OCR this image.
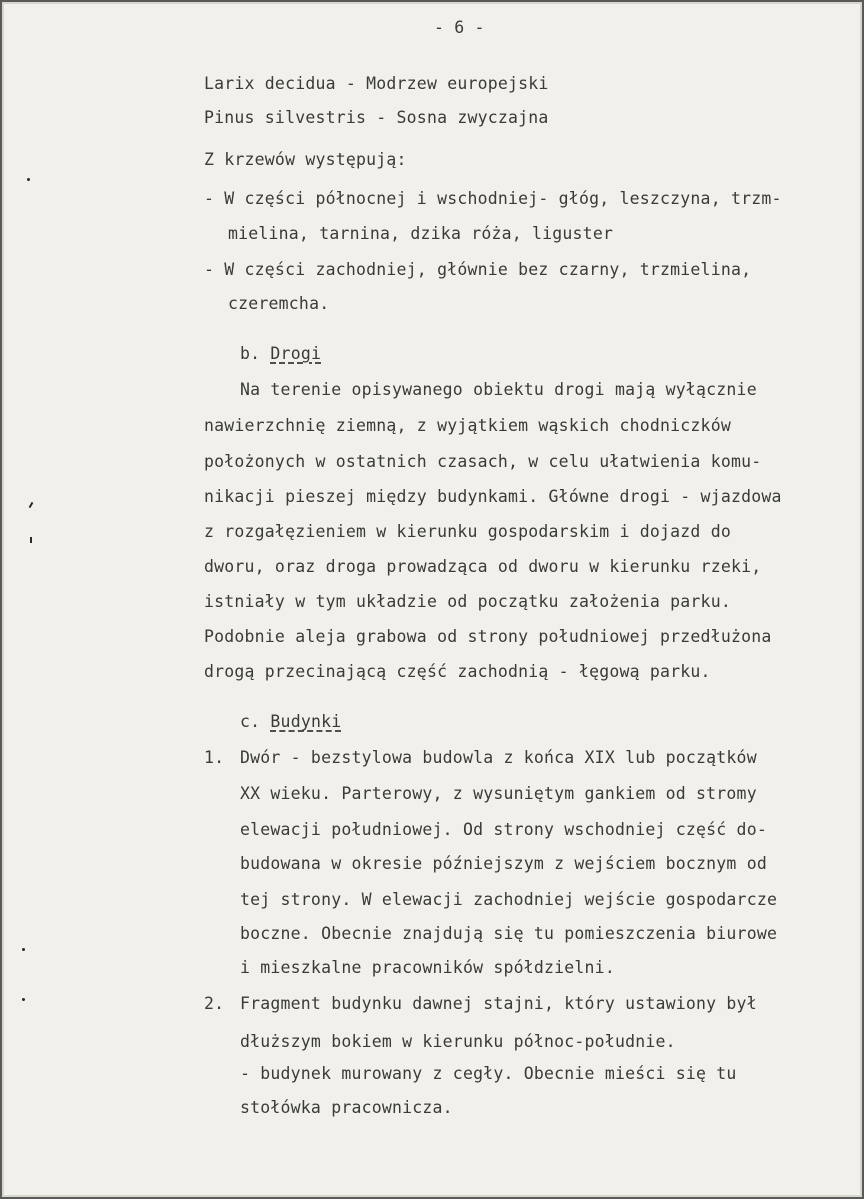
- 6 -
Larix decidua - Modrzew europejski
Pinus silvestris - Sosna zwyczajna
Z krzewów występują:
- W części północnej i wschodniej- głóg, leszczyna, trzm-
mielina, tarnina, dzika róża, liguster
- W części zachodniej, głównie bez czarny, trzmielina,
czeremcha.
b. Drogi
Na terenie opisywanego obiektu drogi mają wyłącznie
nawierzchnię ziemną, z wyjątkiem wąskich chodniczków
położonych w ostatnich czasach, w celu ułatwienia komu-
nikacji pieszej między budynkami. Główne drogi - wjazdowa
z rozgałęzieniem w kierunku gospodarskim i dojazd do
dworu, oraz droga prowadząca od dworu w kierunku rzeki,
istniały w tym układzie od początku założenia parku.
Podobnie aleja grabowa od strony południowej przedłużona
drogą przecinającą część zachodnią - łęgową parku.
c. Budynki
1. Dwór - bezstylowa budowla z końca XIX lub początków
XX wieku. Parterowy, z wysuniętym gankiem od stromy
elewacji południowej. Od strony wschodniej część do-
budowana w okresie późniejszym z wejściem bocznym od
tej strony. W elewacji zachodniej wejście gospodarcze
boczne. Obecnie znajdują się tu pomieszczenia biurowe
i mieszkalne pracowników spółdzielni.
2. Fragment budynku dawnej stajni, który ustawiony był
dłuższym bokiem w kierunku północ-południe.
- budynek murowany z cegły. Obecnie mieści się tu
stołówka pracownicza.
